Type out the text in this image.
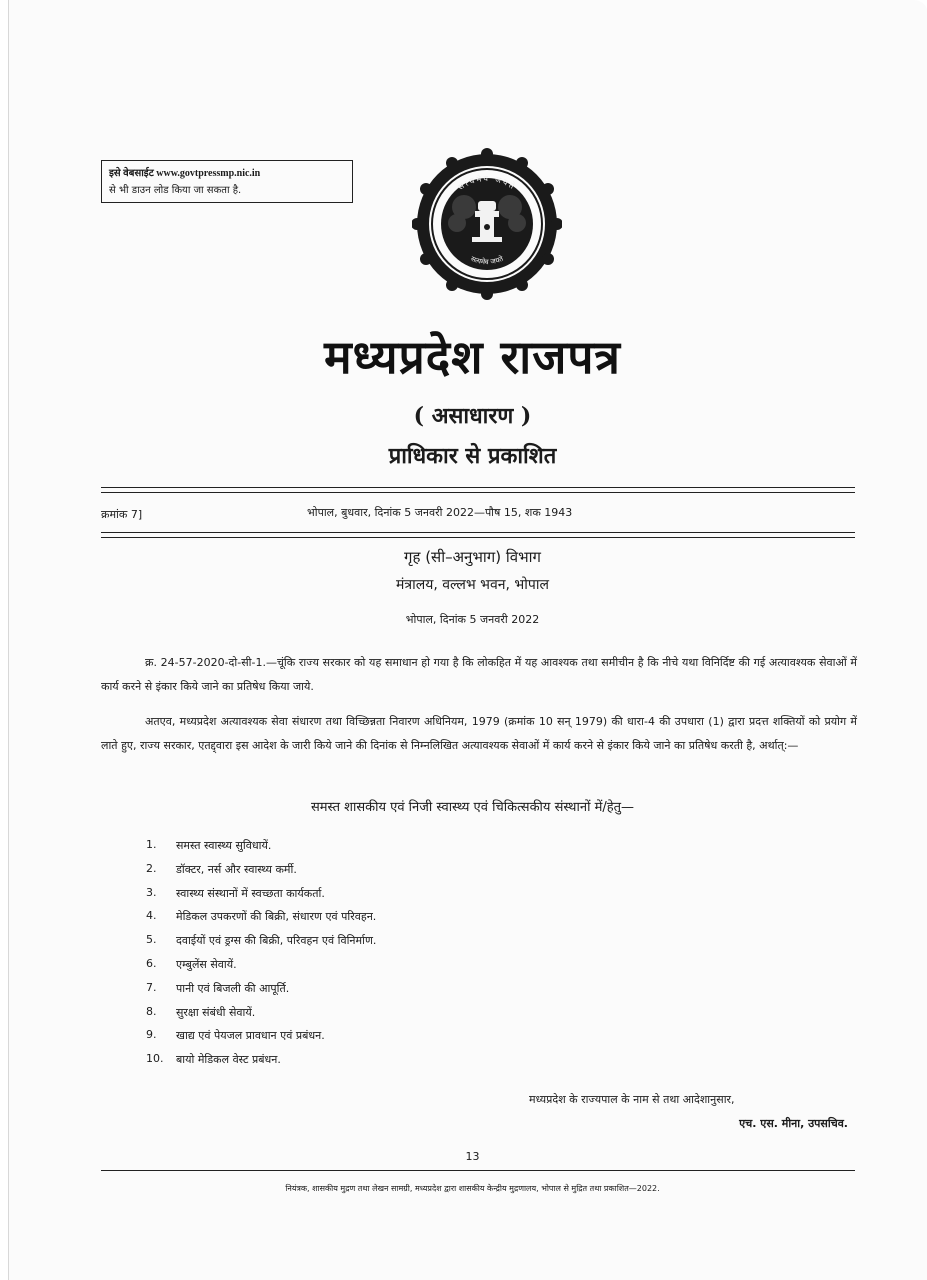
इसे वेबसाईट www.govtpressmp.nic.in
से भी डाउन लोड किया जा सकता है.	सत्यमेव जयते
सत्यमेव जयते
मध्यप्रदेश राजपत्र
( असाधारण )
प्राधिकार से प्रकाशित
क्रमांक 7]	भोपाल, बुधवार, दिनांक 5 जनवरी 2022—पौष 15, शक 1943
गृह (सी–अनुभाग) विभाग
मंत्रालय, वल्लभ भवन, भोपाल
भोपाल, दिनांक 5 जनवरी 2022

क्र. 24-57-2020-दो-सी-1.—चूंकि राज्य सरकार को यह समाधान हो गया है कि लोकहित में यह आवश्यक तथा समीचीन है कि नीचे यथा विनिर्दिष्ट की गई अत्यावश्यक सेवाओं में कार्य करने से इंकार किये जाने का प्रतिषेध किया जाये.

अतएव, मध्यप्रदेश अत्यावश्यक सेवा संधारण तथा विच्छिन्नता निवारण अधिनियम, 1979 (क्रमांक 10 सन् 1979) की धारा-4 की उपधारा (1) द्वारा प्रदत्त शक्तियों को प्रयोग में लाते हुए, राज्य सरकार, एतद्द्वारा इस आदेश के जारी किये जाने की दिनांक से निम्नलिखित अत्यावश्यक सेवाओं में कार्य करने से इंकार किये जाने का प्रतिषेध करती है, अर्थात्:—

समस्त शासकीय एवं निजी स्वास्थ्य एवं चिकित्सकीय संस्थानों में/हेतु—
1.	समस्त स्वास्थ्य सुविधायें.
2.	डॉक्टर, नर्स और स्वास्थ्य कर्मी.
3.	स्वास्थ्य संस्थानों में स्वच्छता कार्यकर्ता.
4.	मेडिकल उपकरणों की बिक्री, संधारण एवं परिवहन.
5.	दवाईयों एवं ड्रग्स की बिक्री, परिवहन एवं विनिर्माण.
6.	एम्बुलेंस सेवायें.
7.	पानी एवं बिजली की आपूर्ति.
8.	सुरक्षा संबंधी सेवायें.
9.	खाद्य एवं पेयजल प्रावधान एवं प्रबंधन.
10.	बायो मेडिकल वेस्ट प्रबंधन.
मध्यप्रदेश के राज्यपाल के नाम से तथा आदेशानुसार,
एच. एस. मीना, उपसचिव.
13
नियंत्रक, शासकीय मुद्रण तथा लेखन सामग्री, मध्यप्रदेश द्वारा शासकीय केन्द्रीय मुद्रणालय, भोपाल से मुद्रित तथा प्रकाशित—2022.
